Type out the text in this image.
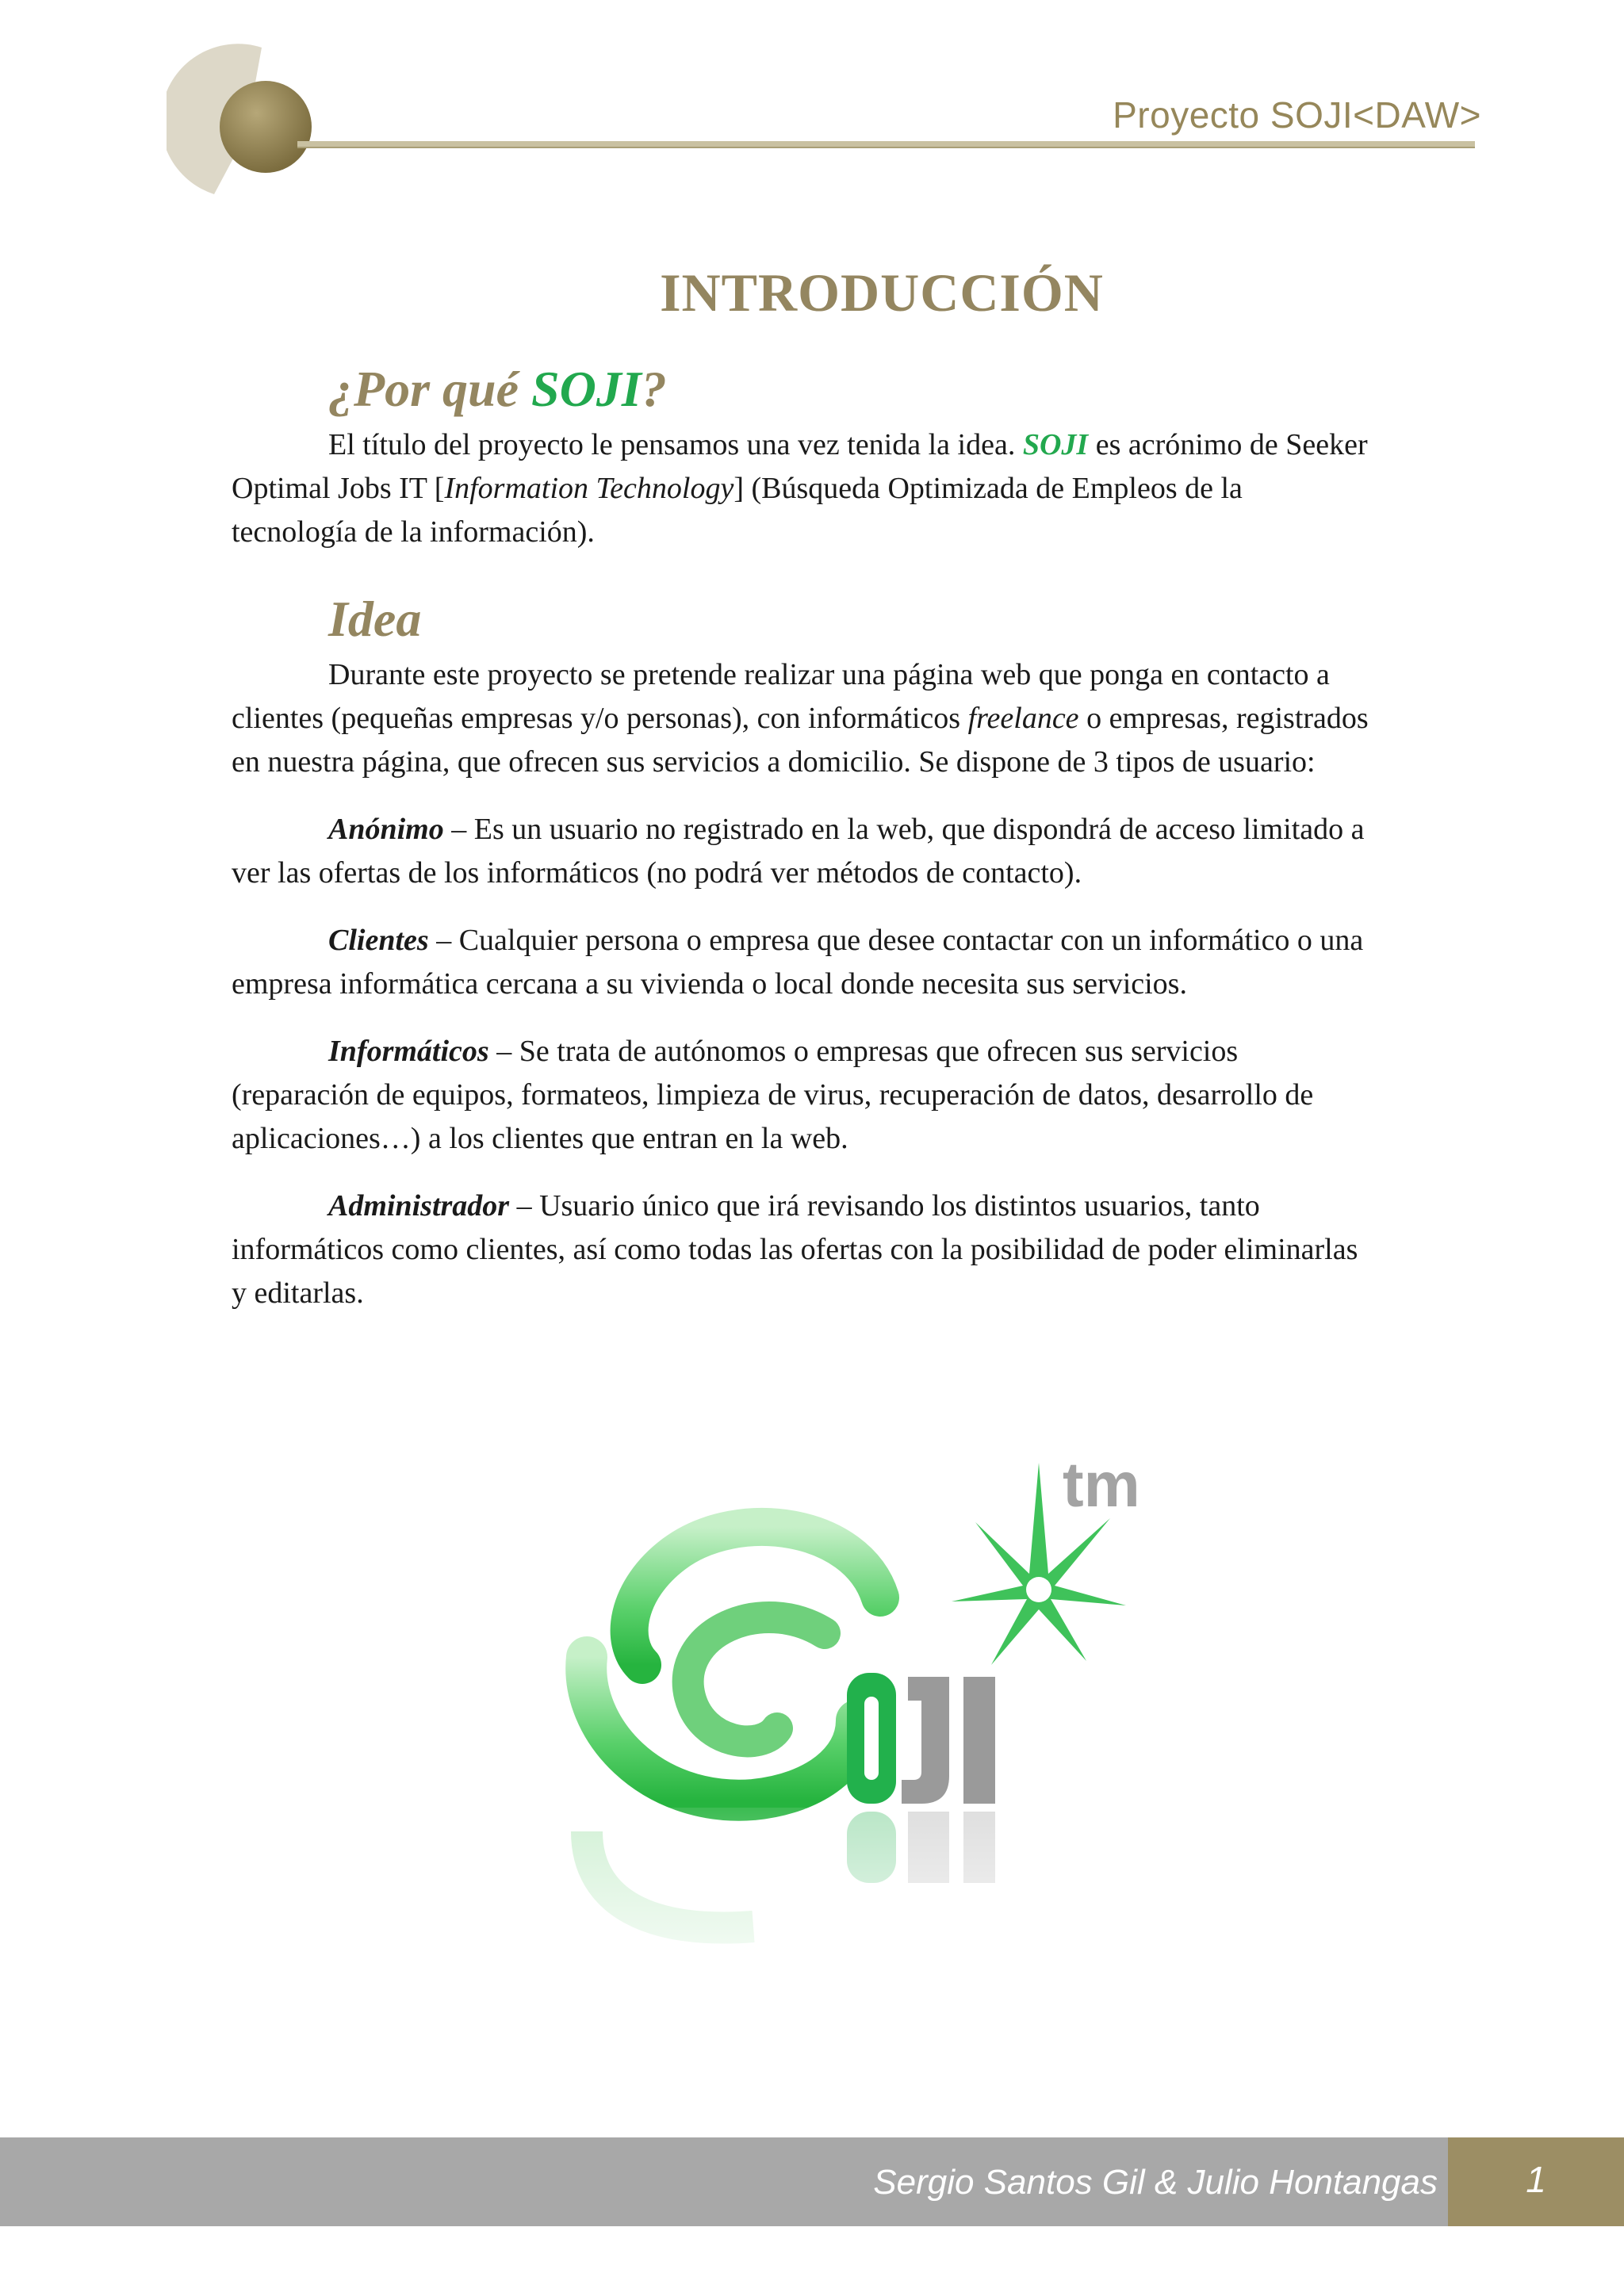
Proyecto SOJI<DAW>
INTRODUCCIÓN
¿Por qué SOJI?

El título del proyecto le pensamos una vez tenida la idea. SOJI es acrónimo de Seeker Optimal Jobs IT [Information Technology] (Búsqueda Optimizada de Empleos de la tecnología de la información).

Idea

Durante este proyecto se pretende realizar una página web que ponga en contacto a clientes (pequeñas empresas y/o personas), con informáticos freelance o empresas, registrados en nuestra página, que ofrecen sus servicios a domicilio. Se dispone de 3 tipos de usuario:

Anónimo – Es un usuario no registrado en la web, que dispondrá de acceso limitado a ver las ofertas de los informáticos (no podrá ver métodos de contacto).

Clientes – Cualquier persona o empresa que desee contactar con un informático o una empresa informática cercana a su vivienda o local donde necesita sus servicios.

Informáticos – Se trata de autónomos o empresas que ofrecen sus servicios (reparación de equipos, formateos, limpieza de virus, recuperación de datos, desarrollo de aplicaciones…) a los clientes que entran en la web.

Administrador – Usuario único que irá revisando los distintos usuarios, tanto informáticos como clientes, así como todas las ofertas con la posibilidad de poder eliminarlas y editarlas.

tm
Sergio Santos Gil & Julio Hontangas	1
